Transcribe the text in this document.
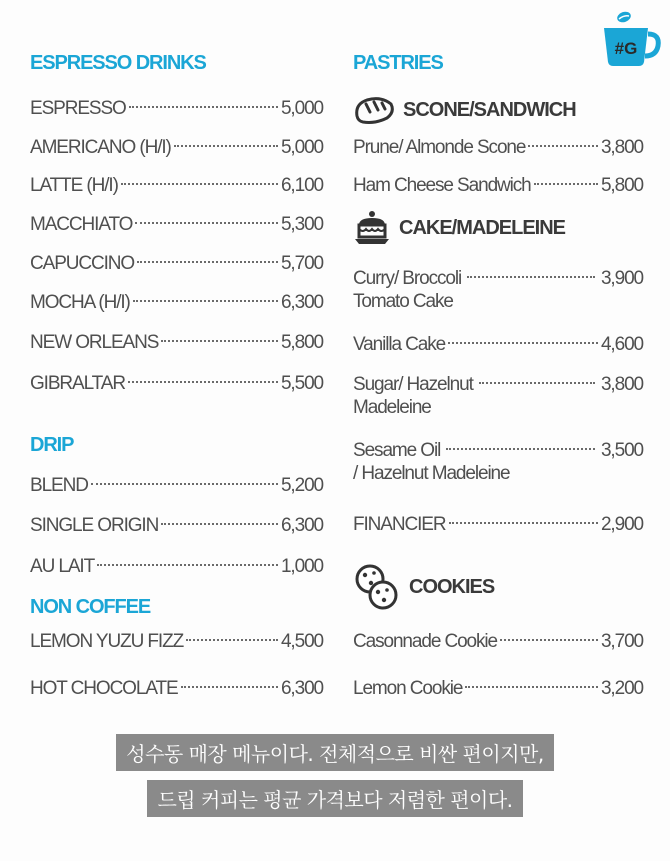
#G
ESPRESSO DRINKS
ESPRESSO	5,000
AMERICANO (H/I)	5,000
LATTE (H/I)	6,100
MACCHIATO	5,300
CAPUCCINO	5,700
MOCHA (H/I)	6,300
NEW ORLEANS	5,800
GIBRALTAR	5,500
DRIP
BLEND	5,200
SINGLE ORIGIN	6,300
AU LAIT	1,000
NON COFFEE
LEMON YUZU FIZZ	4,500
HOT CHOCOLATE	6,300
PASTRIES
SCONE/SANDWICH
Prune/ Almonde Scone	3,800
Ham Cheese Sandwich	5,800
CAKE/MADELEINE
Curry/ Broccoli	3,900
Tomato Cake
Vanilla Cake	4,600
Sugar/ Hazelnut	3,800
Madeleine
Sesame Oil	3,500
/ Hazelnut Madeleine
FINANCIER	2,900
COOKIES
Casonnade Cookie	3,700
Lemon Cookie	3,200
성수동 매장 메뉴이다. 전체적으로 비싼 편이지만,
드립 커피는 평균 가격보다 저렴한 편이다.
